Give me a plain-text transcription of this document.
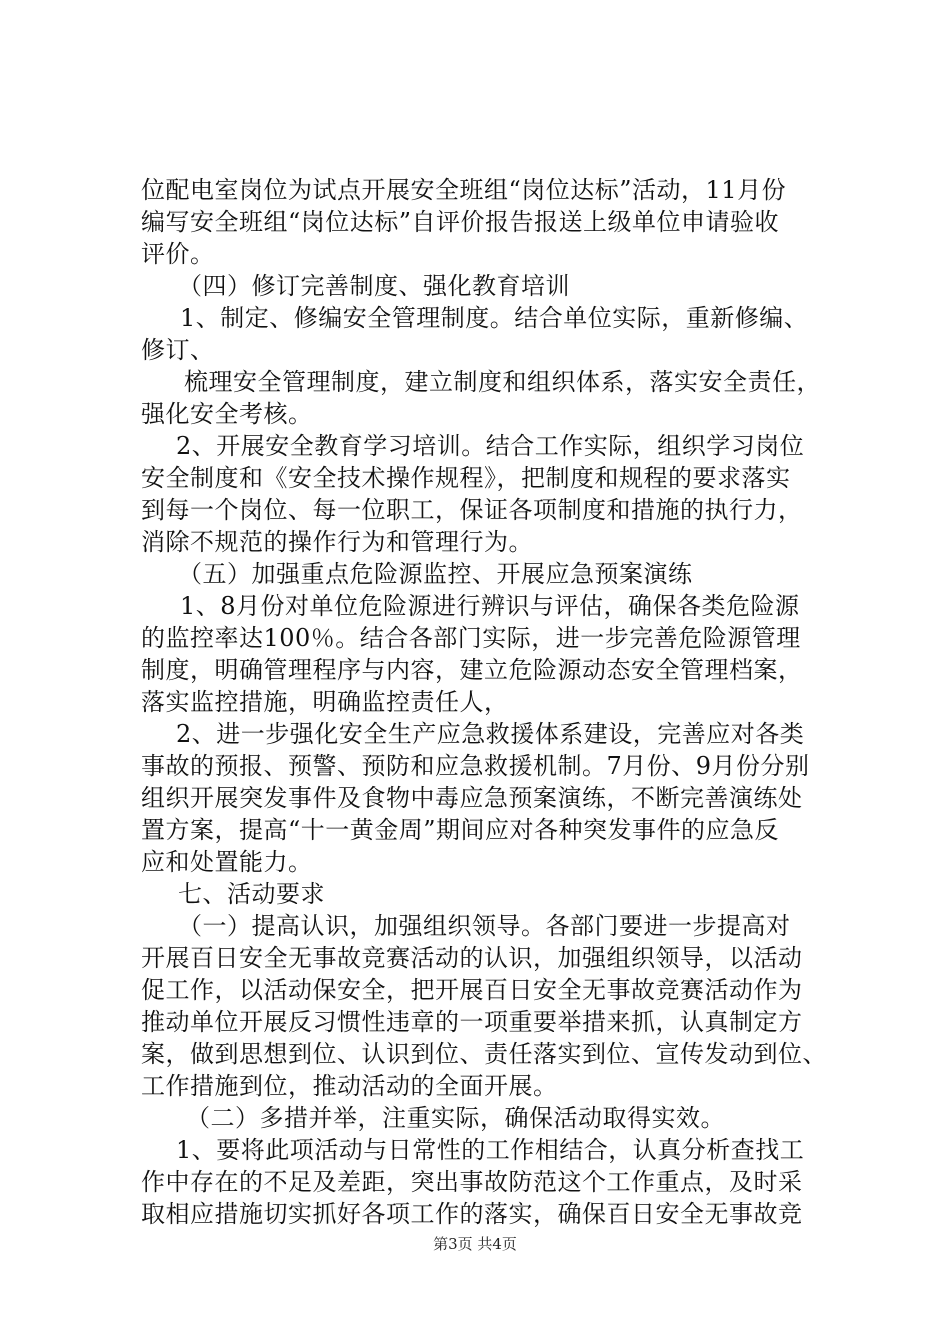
位配电室岗位为试点开展安全班组“岗位达标”活动，11月份
编写安全班组“岗位达标”自评价报告报送上级单位申请验收
评价。
（四）修订完善制度、强化教育培训
1、制定、修编安全管理制度。结合单位实际，重新修编、
修订、
梳理安全管理制度，建立制度和组织体系，落实安全责任，
强化安全考核。
2、开展安全教育学习培训。结合工作实际，组织学习岗位
安全制度和《安全技术操作规程》，把制度和规程的要求落实
到每一个岗位、每一位职工，保证各项制度和措施的执行力，
消除不规范的操作行为和管理行为。
（五）加强重点危险源监控、开展应急预案演练
1、8月份对单位危险源进行辨识与评估，确保各类危险源
的监控率达100％。结合各部门实际，进一步完善危险源管理
制度，明确管理程序与内容，建立危险源动态安全管理档案，
落实监控措施，明确监控责任人，
2、进一步强化安全生产应急救援体系建设，完善应对各类
事故的预报、预警、预防和应急救援机制。7月份、9月份分别
组织开展突发事件及食物中毒应急预案演练，不断完善演练处
置方案，提高“十一黄金周”期间应对各种突发事件的应急反
应和处置能力。
七、活动要求
（一）提高认识，加强组织领导。各部门要进一步提高对
开展百日安全无事故竞赛活动的认识，加强组织领导，以活动
促工作，以活动保安全，把开展百日安全无事故竞赛活动作为
推动单位开展反习惯性违章的一项重要举措来抓，认真制定方
案，做到思想到位、认识到位、责任落实到位、宣传发动到位、
工作措施到位，推动活动的全面开展。
（二）多措并举，注重实际，确保活动取得实效。
1、要将此项活动与日常性的工作相结合，认真分析查找工
作中存在的不足及差距，突出事故防范这个工作重点，及时采
取相应措施切实抓好各项工作的落实，确保百日安全无事故竞
第3页 共4页
